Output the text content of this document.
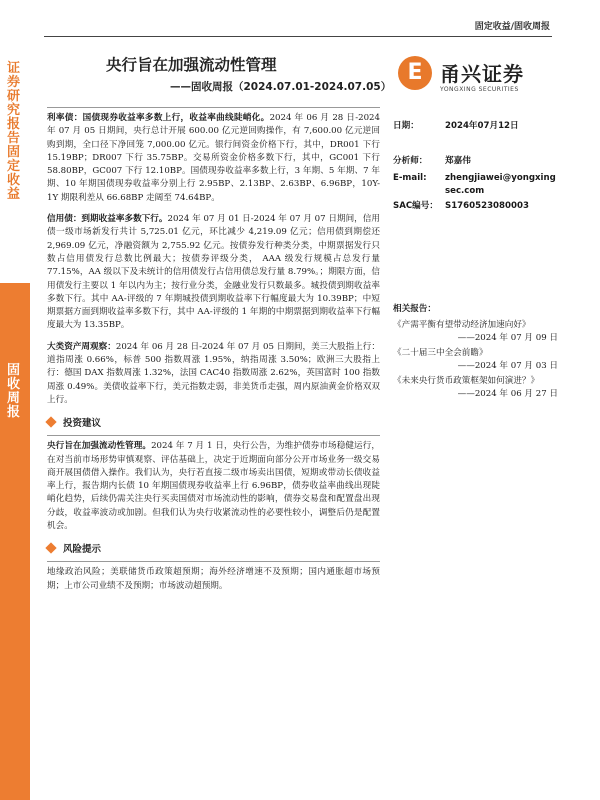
证券研究报告 固定收益
固收周报
固定收益/固收周报
央行旨在加强流动性管理
——固收周报（2024.07.01-2024.07.05）
E 甬兴证券
YONGXING SECURITIES

利率债：国债现券收益率多数上行，收益率曲线陡峭化。2024 年 06 月 28 日-2024 年 07 月 05 日期间，央行总计开展 600.00 亿元逆回购操作，有 7,600.00 亿元逆回购到期，全口径下净回笼 7,000.00 亿元。银行间资金价格下行，其中，DR001 下行 15.19BP；DR007 下行 35.75BP。交易所资金价格多数下行，其中，GC001 下行 58.80BP，GC007 下行 12.10BP。国债现券收益率多数上行，3 年期、5 年期、7 年期、10 年期国债现券收益率分别上行 2.95BP、2.13BP、2.63BP、6.96BP，10Y-1Y 期限利差从 66.68BP 走阔至 74.64BP。

信用债：到期收益率多数下行。2024 年 07 月 01 日-2024 年 07 月 07 日期间，信用债一级市场新发行共计 5,725.01 亿元，环比减少 4,219.09 亿元；信用债到期偿还 2,969.09 亿元，净融资额为 2,755.92 亿元。按债券发行种类分类，中期票据发行只数占信用债发行总数比例最大；按债券评级分类， AAA 级发行规模占总发行量 77.15%，AA 级以下及未统计的信用债发行占信用债总发行量 8.79%。；期限方面，信用债发行主要以 1 年以内为主；按行业分类，金融业发行只数最多。城投债到期收益率多数下行。其中 AA-评级的 7 年期城投债到期收益率下行幅度最大为 10.39BP；中短期票据方面到期收益率多数下行，其中 AA-评级的 1 年期的中期票据到期收益率下行幅度最大为 13.35BP。

大类资产周观察：2024 年 06 月 28 日-2024 年 07 月 05 日期间，美三大股指上行：道指周涨 0.66%，标普 500 指数周涨 1.95%，纳指周涨 3.50%；欧洲三大股指上行：德国 DAX 指数周涨 1.32%，法国 CAC40 指数周涨 2.62%，英国富时 100 指数周涨 0.49%。美债收益率下行，美元指数走弱，非美货币走强，周内原油黄金价格双双上行。

投资建议

央行旨在加强流动性管理。2024 年 7 月 1 日，央行公告，为维护债券市场稳健运行，在对当前市场形势审慎观察、评估基础上，决定于近期面向部分公开市场业务一级交易商开展国债借入操作。我们认为，央行若直接二级市场卖出国债，短期或带动长债收益率上行，报告期内长债 10 年期国债现券收益率上行 6.96BP，债券收益率曲线出现陡峭化趋势，后续仍需关注央行买卖国债对市场流动性的影响，债券交易盘和配置盘出现分歧，收益率波动或加剧。但我们认为央行收紧流动性的必要性较小，调整后仍是配置机会。

风险提示

地缘政治风险；美联储货币政策超预期；海外经济增速不及预期；国内通胀超市场预期；上市公司业绩不及预期；市场波动超预期。

日期：	2024年07月12日
分析师：	郑嘉伟
E-mail:	zhengjiawei@yongxingsec.com
SAC编号： S1760523080003
相关报告：
《产需平衡有望带动经济加速向好》
——2024 年 07 月 09 日
《二十届三中全会前瞻》
——2024 年 07 月 03 日
《未来央行货币政策框架如何演进？》
——2024 年 06 月 27 日
